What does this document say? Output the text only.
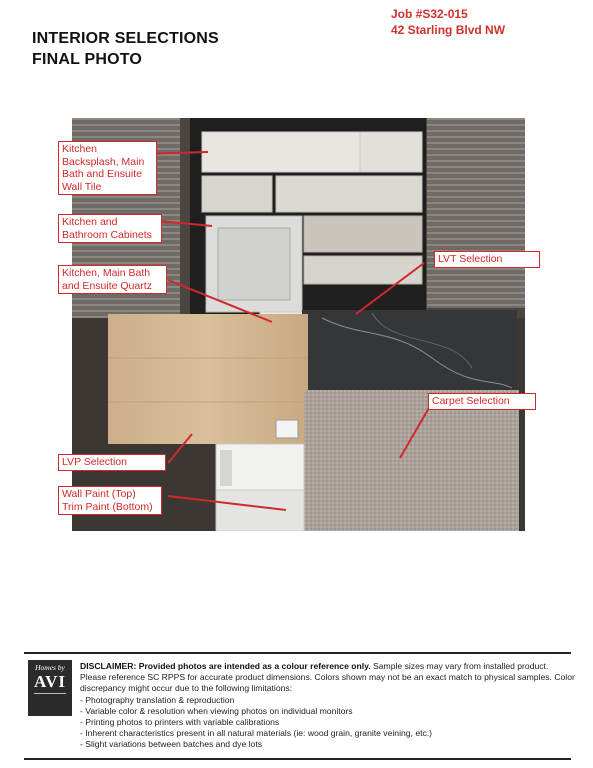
INTERIOR SELECTIONS
FINAL PHOTO
Job #S32-015
42 Starling Blvd NW
Kitchen
Backsplash, Main
Bath and Ensuite
Wall Tile
Kitchen and
Bathroom Cabinets
Kitchen, Main Bath
and Ensuite Quartz
LVT Selection
Carpet Selection
LVP Selection
Wall Paint (Top)
Trim Paint (Bottom)
Homes by
AVI

DISCLAIMER: Provided photos are intended as a colour reference only. Sample sizes may vary from installed product. Please reference SC RPPS for accurate product dimensions. Colors shown may not be an exact match to physical samples. Color discrepancy might occur due to the following limitations:

- Photography translation & reproduction
- Variable color & resolution when viewing photos on individual monitors
- Printing photos to printers with variable calibrations
- Inherent characteristics present in all natural materials (ie: wood grain, granite veining, etc.)
- Slight variations between batches and dye lots
